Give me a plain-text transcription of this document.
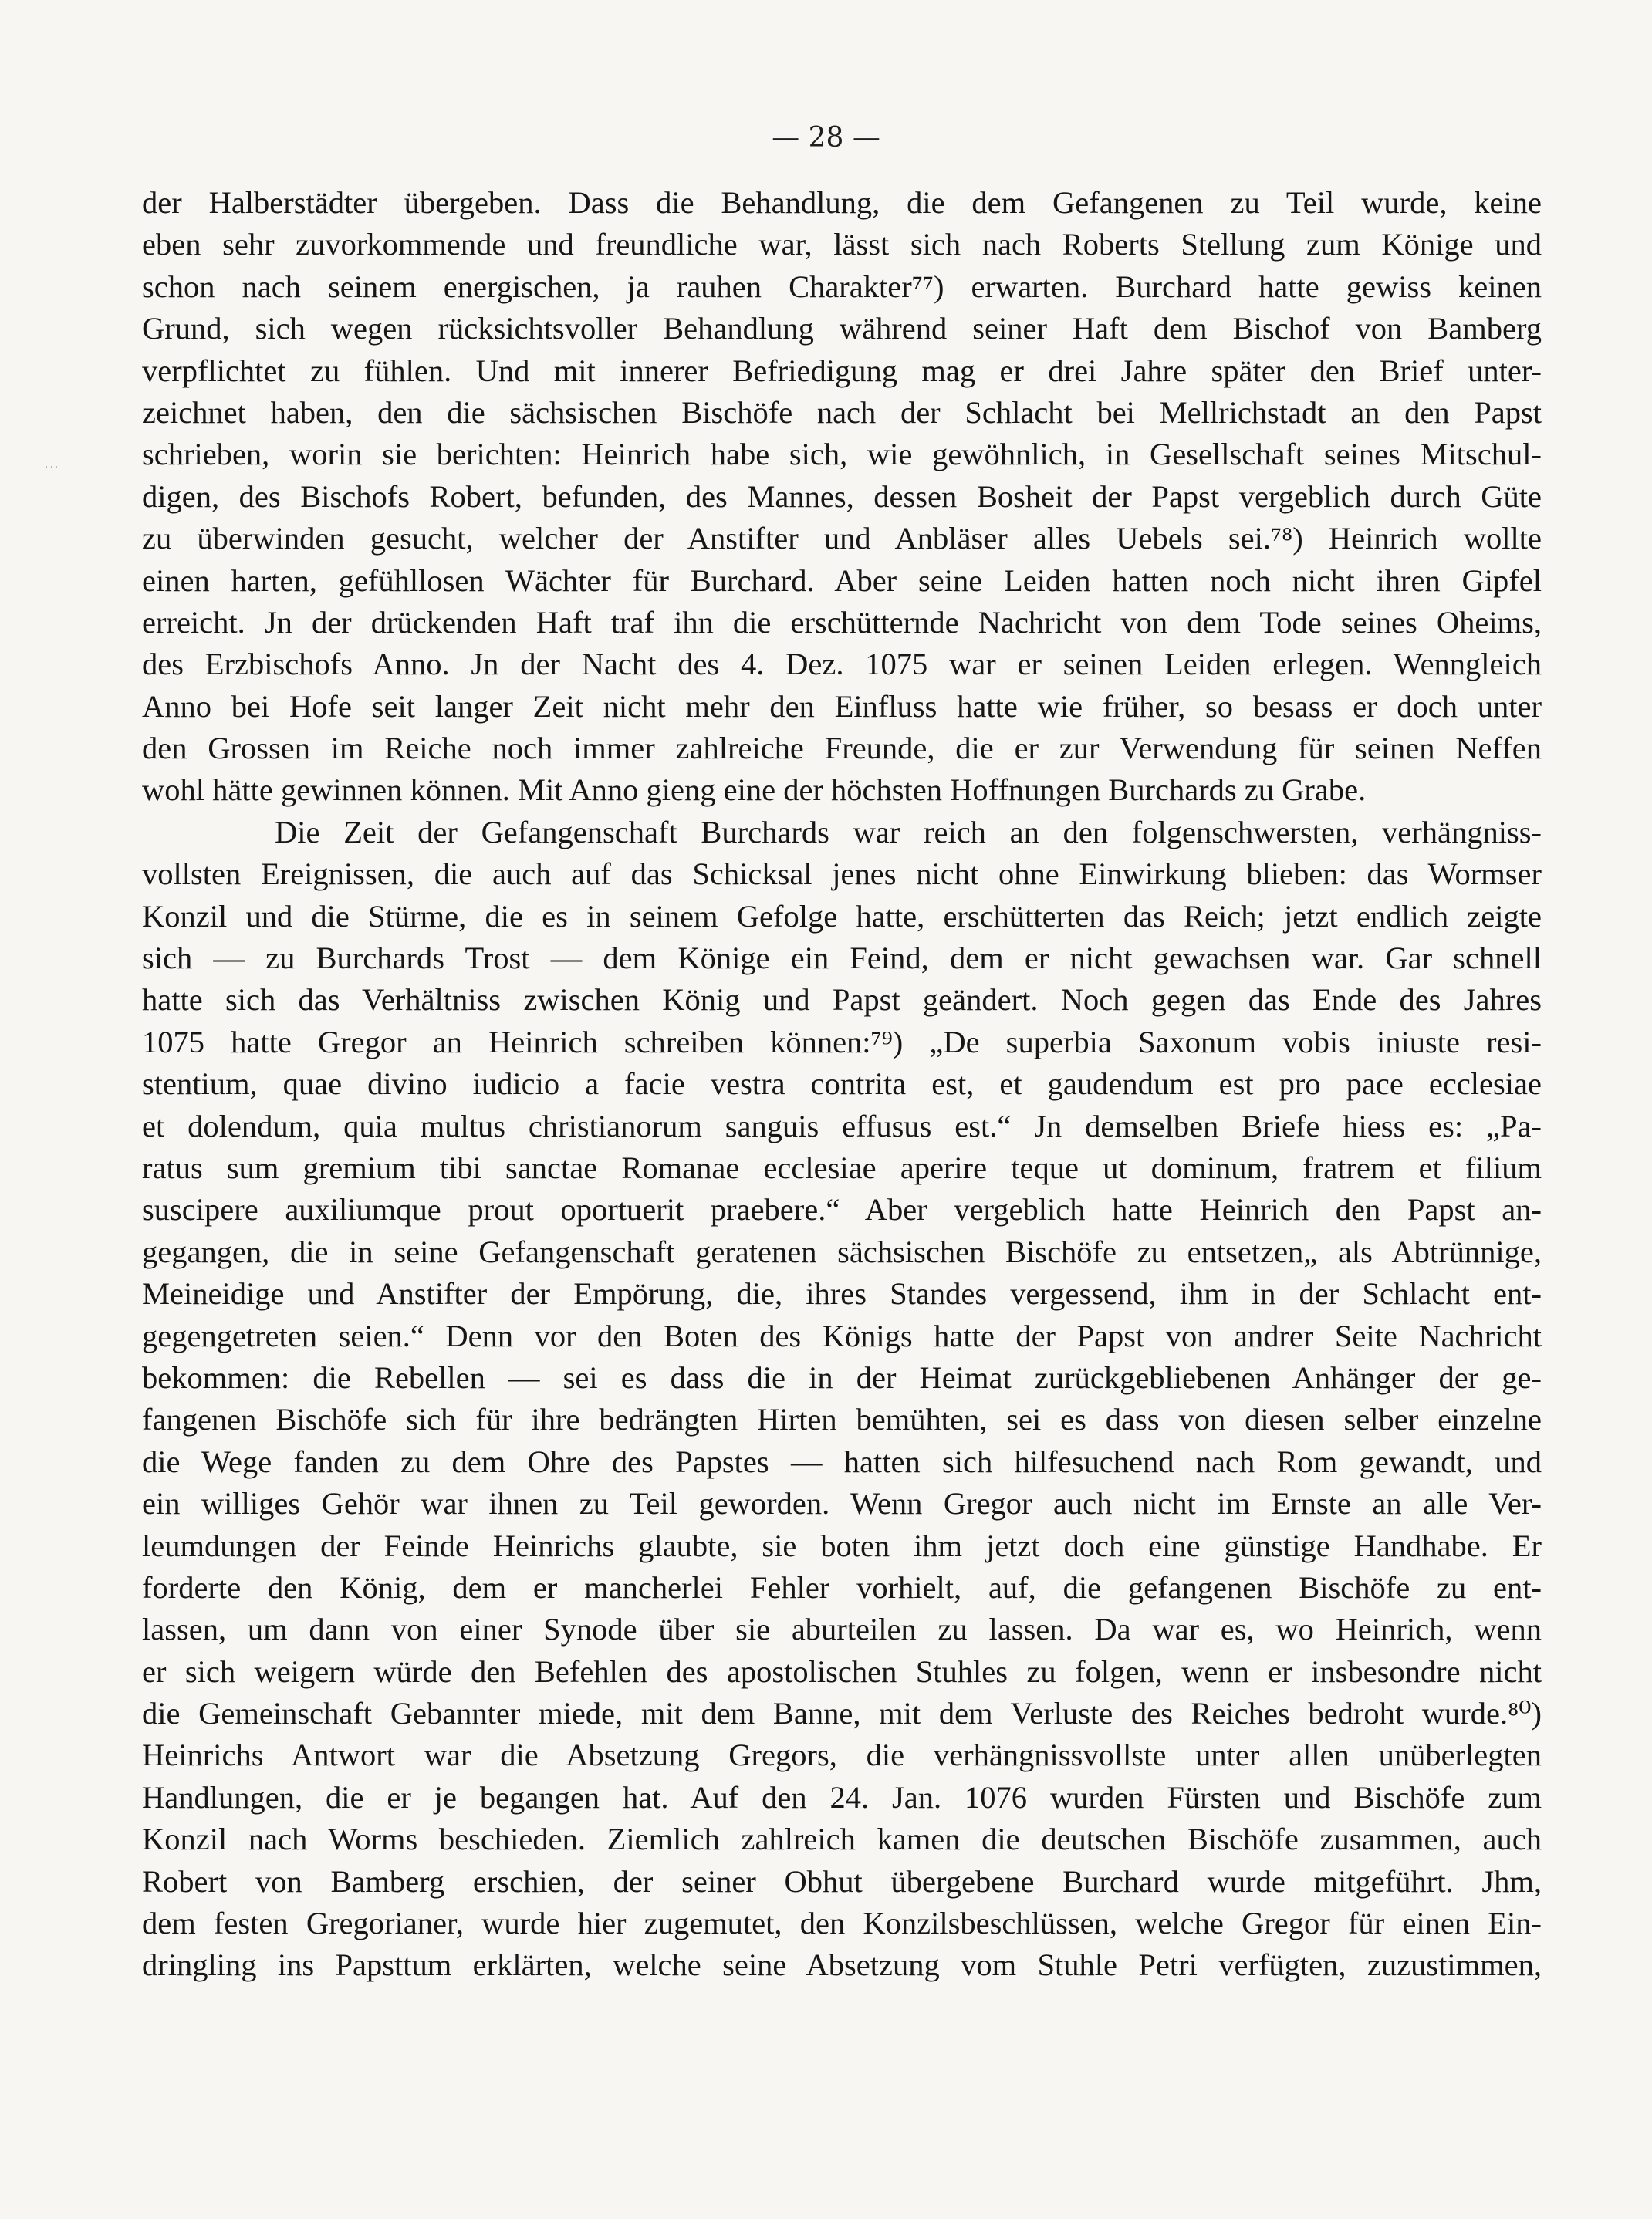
...
— 28 —
der Halberstädter übergeben. Dass die Behandlung, die dem Gefangenen zu Teil wurde, keine
eben sehr zuvorkommende und freundliche war, lässt sich nach Roberts Stellung zum Könige und
schon nach seinem energischen, ja rauhen Charakter⁷⁷) erwarten. Burchard hatte gewiss keinen
Grund, sich wegen rücksichtsvoller Behandlung während seiner Haft dem Bischof von Bamberg
verpflichtet zu fühlen. Und mit innerer Befriedigung mag er drei Jahre später den Brief unter-
zeichnet haben, den die sächsischen Bischöfe nach der Schlacht bei Mellrichstadt an den Papst
schrieben, worin sie berichten: Heinrich habe sich, wie gewöhnlich, in Gesellschaft seines Mitschul-
digen, des Bischofs Robert, befunden, des Mannes, dessen Bosheit der Papst vergeblich durch Güte
zu überwinden gesucht, welcher der Anstifter und Anbläser alles Uebels sei.⁷⁸) Heinrich wollte
einen harten, gefühllosen Wächter für Burchard. Aber seine Leiden hatten noch nicht ihren Gipfel
erreicht. Jn der drückenden Haft traf ihn die erschütternde Nachricht von dem Tode seines Oheims,
des Erzbischofs Anno. Jn der Nacht des 4. Dez. 1075 war er seinen Leiden erlegen. Wenngleich
Anno bei Hofe seit langer Zeit nicht mehr den Einfluss hatte wie früher, so besass er doch unter
den Grossen im Reiche noch immer zahlreiche Freunde, die er zur Verwendung für seinen Neffen
wohl hätte gewinnen können. Mit Anno gieng eine der höchsten Hoffnungen Burchards zu Grabe.
Die Zeit der Gefangenschaft Burchards war reich an den folgenschwersten, verhängniss-
vollsten Ereignissen, die auch auf das Schicksal jenes nicht ohne Einwirkung blieben: das Wormser
Konzil und die Stürme, die es in seinem Gefolge hatte, erschütterten das Reich; jetzt endlich zeigte
sich — zu Burchards Trost — dem Könige ein Feind, dem er nicht gewachsen war. Gar schnell
hatte sich das Verhältniss zwischen König und Papst geändert. Noch gegen das Ende des Jahres
1075 hatte Gregor an Heinrich schreiben können:⁷⁹) „De superbia Saxonum vobis iniuste resi-
stentium, quae divino iudicio a facie vestra contrita est, et gaudendum est pro pace ecclesiae
et dolendum, quia multus christianorum sanguis effusus est.“ Jn demselben Briefe hiess es: „Pa-
ratus sum gremium tibi sanctae Romanae ecclesiae aperire teque ut dominum, fratrem et filium
suscipere auxiliumque prout oportuerit praebere.“ Aber vergeblich hatte Heinrich den Papst an-
gegangen, die in seine Gefangenschaft geratenen sächsischen Bischöfe zu entsetzen„ als Abtrünnige,
Meineidige und Anstifter der Empörung, die, ihres Standes vergessend, ihm in der Schlacht ent-
gegengetreten seien.“ Denn vor den Boten des Königs hatte der Papst von andrer Seite Nachricht
bekommen: die Rebellen — sei es dass die in der Heimat zurückgebliebenen Anhänger der ge-
fangenen Bischöfe sich für ihre bedrängten Hirten bemühten, sei es dass von diesen selber einzelne
die Wege fanden zu dem Ohre des Papstes — hatten sich hilfesuchend nach Rom gewandt, und
ein williges Gehör war ihnen zu Teil geworden. Wenn Gregor auch nicht im Ernste an alle Ver-
leumdungen der Feinde Heinrichs glaubte, sie boten ihm jetzt doch eine günstige Handhabe. Er
forderte den König, dem er mancherlei Fehler vorhielt, auf, die gefangenen Bischöfe zu ent-
lassen, um dann von einer Synode über sie aburteilen zu lassen. Da war es, wo Heinrich, wenn
er sich weigern würde den Befehlen des apostolischen Stuhles zu folgen, wenn er insbesondre nicht
die Gemeinschaft Gebannter miede, mit dem Banne, mit dem Verluste des Reiches bedroht wurde.⁸⁰)
Heinrichs Antwort war die Absetzung Gregors, die verhängnissvollste unter allen unüberlegten
Handlungen, die er je begangen hat. Auf den 24. Jan. 1076 wurden Fürsten und Bischöfe zum
Konzil nach Worms beschieden. Ziemlich zahlreich kamen die deutschen Bischöfe zusammen, auch
Robert von Bamberg erschien, der seiner Obhut übergebene Burchard wurde mitgeführt. Jhm,
dem festen Gregorianer, wurde hier zugemutet, den Konzilsbeschlüssen, welche Gregor für einen Ein-
dringling ins Papsttum erklärten, welche seine Absetzung vom Stuhle Petri verfügten, zuzustimmen,
